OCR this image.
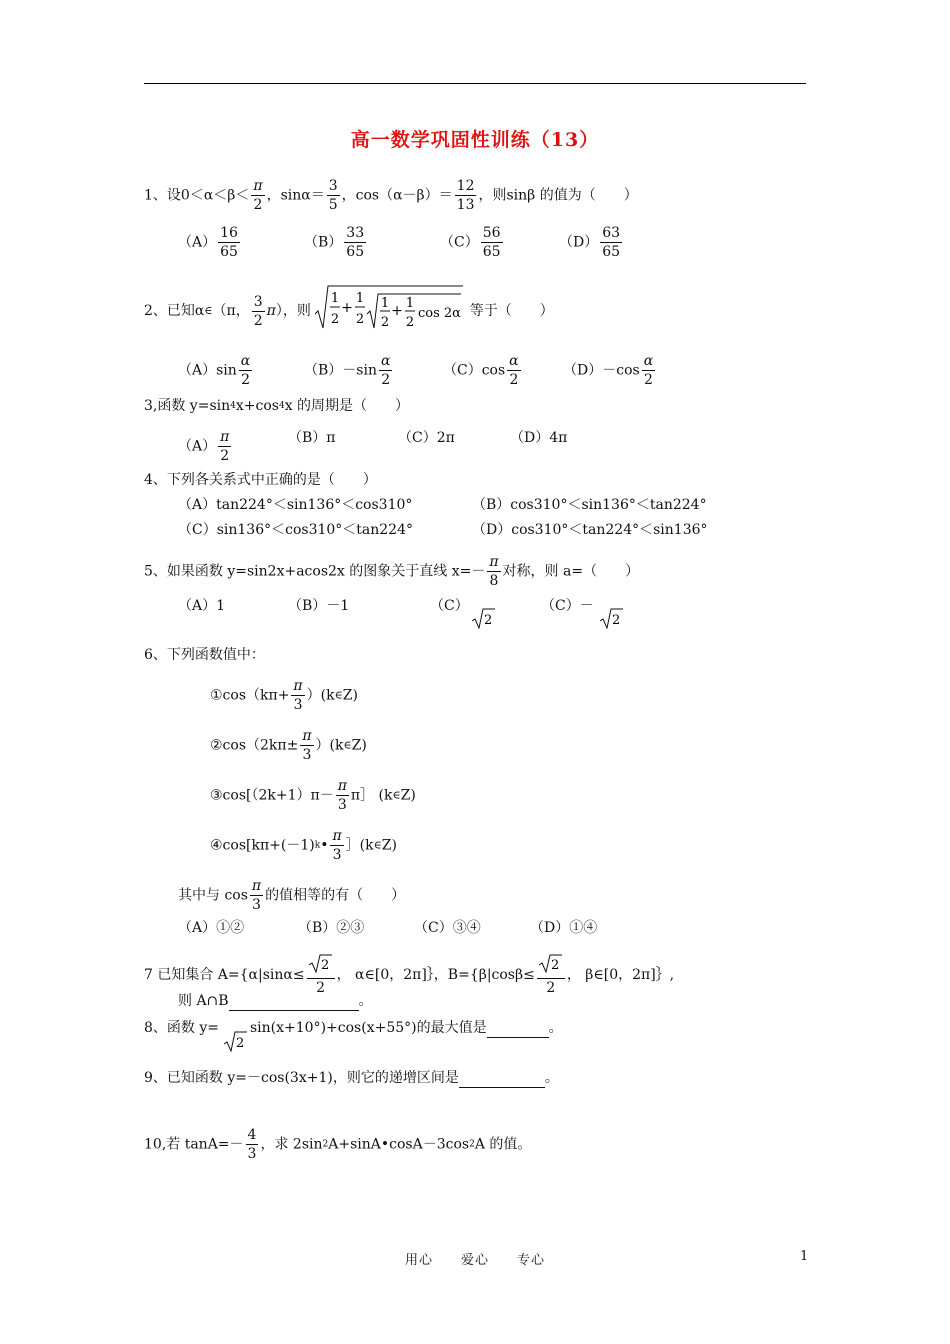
高一数学巩固性训练（13）
1、设$0<\alpha<\beta< \frac{\pi}{2}$ ，$\sin\alpha= \frac{3}{5}$ ，$\cos(\alpha-\beta)= \frac{12}{13}$ ，则sinβ 的值为（　　）
$(A) \frac{16}{65}$	$(B) \frac{33}{65}$	$(C) \frac{56}{65}$	$(D) \frac{63}{65}$
2、已知α∈（π， $\frac{3}{2} \pi$），则
1
2
+
1
2
1
2
+ 1
2
cos 2α 等于（　　）
$(A)\sin \frac{\alpha}{2}$	$(B)-\sin \frac{\alpha}{2}$	$(C)\cos \frac{\alpha}{2}$	$(D)-\cos \frac{\alpha}{2}$
3,函数 y=sin4x+cos4x 的周期是（　　）
$(A) \frac{\pi}{2}$	（B）π	（C）2π	（D）4π
4、下列各关系式中正确的是（　　）
（A）tan224°＜sin136°＜cos310°	（B）cos310°＜sin136°＜tan224°
（C）sin136°＜cos310°＜tan224°	（D）cos310°＜tan224°＜sin136°
5、如果函数 y=sin2x+acos2x 的图象关于直线 $x=- \frac{\pi}{8}$ 对称，则 a=（　　）
（A）1	（B）－1	（C）
2
（C）－
2
6、下列函数值中：
①cos（kπ+ $\frac{\pi}{3}$ ）(k∈Z)
②cos（2kπ± $\frac{\pi}{3}$ ）(k∈Z)
③cos[（2k+1）π－ $\frac{\pi}{3}$ π］ (k∈Z)
④cos[kπ+(－1)k• $\frac{\pi}{3}$ ］(k∈Z)
其中与 $\cos \frac{\pi}{3}$ 的值相等的有（　　）
（A）①②	（B）②③	（C）③④	（D）①④
7 已知集合 $A=\{\alpha|\sin\alpha\le \frac{2}{2}$ ， α∈[0，2π]｝，$B=\{\beta|\cos\beta\le \frac{2}{2}$ ， β∈[0，2π]｝,
则 A∩B	。
8、函数 y=
2
sin(x+10°)+cos(x+55°)的最大值是	。
9、已知函数 y=－cos(3x+1)，则它的递增区间是	。
10,若 $\tan A=- \frac{4}{3}$ ，求 2sin2A+sinA•cosA－3cos2A 的值。
用心　　爱心　　专心	1
